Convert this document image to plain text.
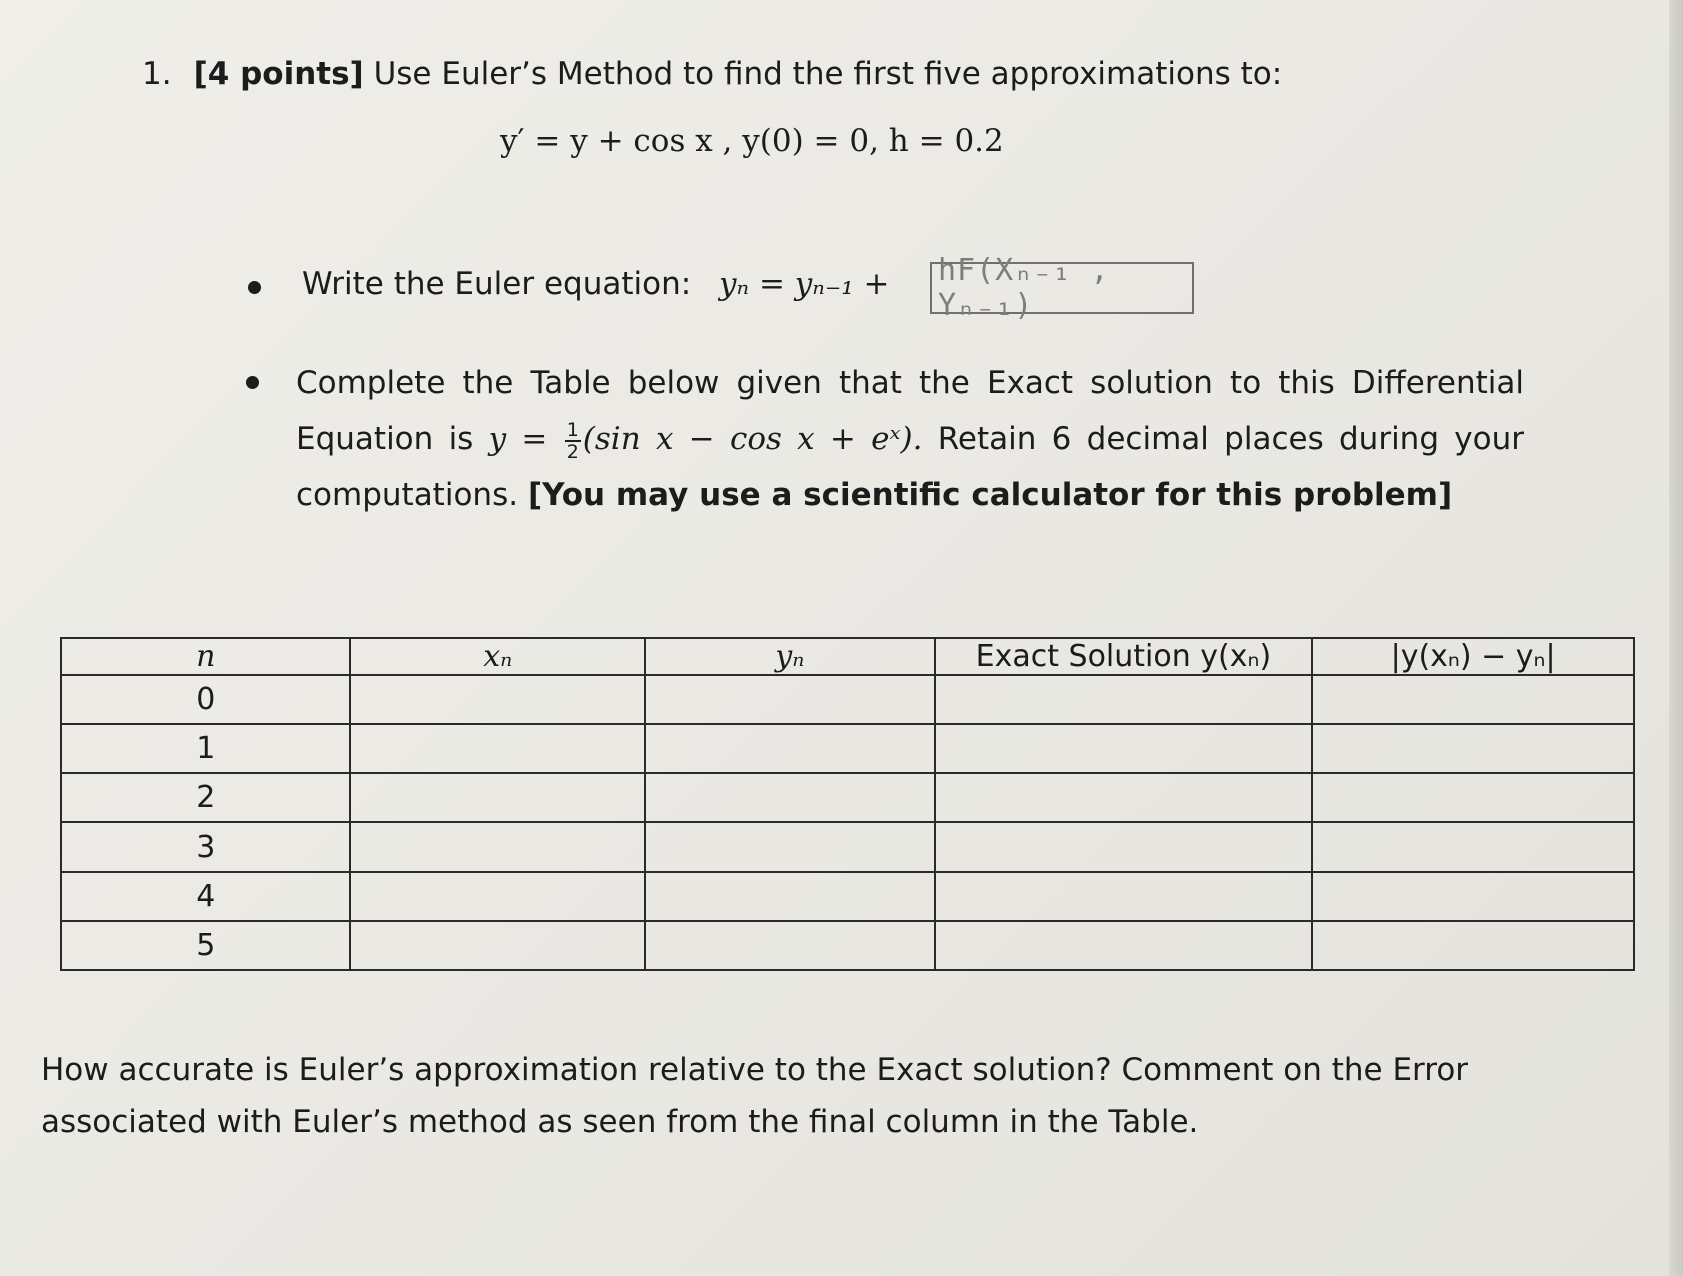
1. [4 points] Use Euler’s Method to find the first five approximations to:
y′ = y + cos x , y(0) = 0, h = 0.2
Write the Euler equation: yₙ = yₙ₋₁ + hF(Xₙ₋₁ , Yₙ₋₁)
Complete the Table below given that the Exact solution to this Differential Equation is $y = \frac{1}{2} (\sin$ x − cos x + eˣ). Retain 6 decimal places during your computations. [You may use a scientific calculator for this problem]
n	xₙ	yₙ	Exact Solution y(xₙ)	|y(xₙ) − yₙ|
0				
1				
2				
3				
4				
5				
How accurate is Euler’s approximation relative to the Exact solution? Comment on the Error associated with Euler’s method as seen from the final column in the Table.
